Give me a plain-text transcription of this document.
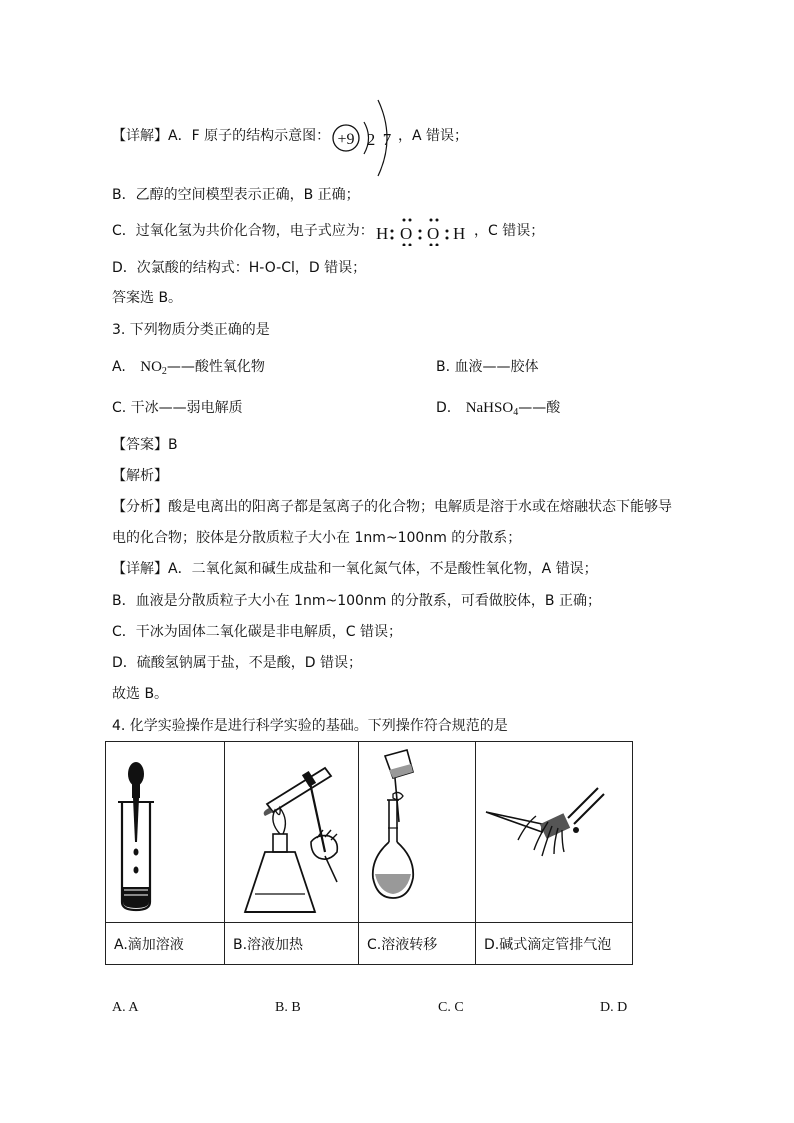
【详解】A．F 原子的结构示意图： +9 2 7 ，A 错误；
B．乙醇的空间模型表示正确，B 正确；
C．过氧化氢为共价化合物，电子式应为： H O O H ，C 错误；
D．次氯酸的结构式：H-O-Cl，D 错误；
答案选 B。
3. 下列物质分类正确的是
A. $NO_2——$酸性氧化物	B. 血液——胶体
C. 干冰——弱电解质	D. NaHSO$_4$——酸
【答案】B
【解析】
【分析】酸是电离出的阳离子都是氢离子的化合物；电解质是溶于水或在熔融状态下能够导
电的化合物；胶体是分散质粒子大小在 1nm~100nm 的分散系；
【详解】A．二氧化氮和碱生成盐和一氧化氮气体，不是酸性氧化物，A 错误；
B．血液是分散质粒子大小在 1nm~100nm 的分散系，可看做胶体，B 正确；
C．干冰为固体二氧化碳是非电解质，C 错误；
D．硫酸氢钠属于盐，不是酸，D 错误；
故选 B。
4. 化学实验操作是进行科学实验的基础。下列操作符合规范的是

A.滴加溶液	B.溶液加热	C.溶液转移	D.碱式滴定管排气泡
A. A	B. B	C. C	D. D
